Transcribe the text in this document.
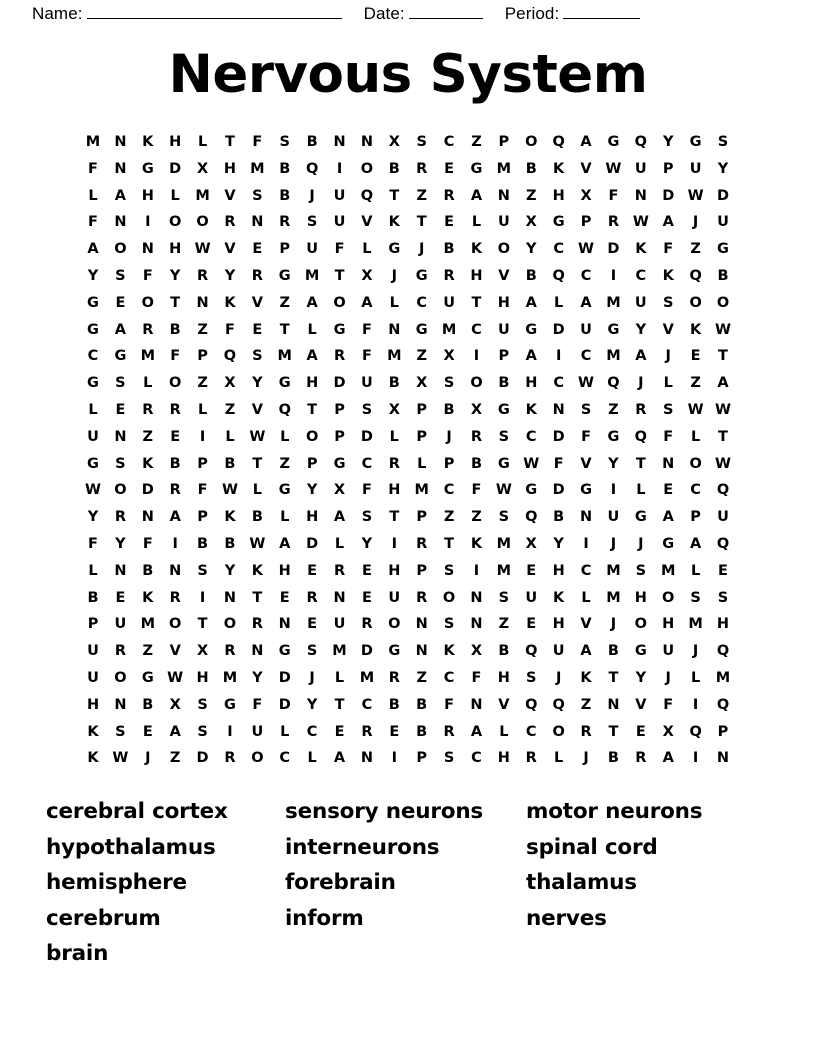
Name:	Date:	Period:
Nervous System
M	N	K	H	L	T	F	S	B	N	N	X	S	C	Z	P	O	Q	A	G	Q	Y	G	S
F	N	G	D	X	H	M	B	Q	I	O	B	R	E	G	M	B	K	V	W	U	P	U	Y
L	A	H	L	M	V	S	B	J	U	Q	T	Z	R	A	N	Z	H	X	F	N	D	W	D
F	N	I	O	O	R	N	R	S	U	V	K	T	E	L	U	X	G	P	R	W	A	J	U
A	O	N	H	W	V	E	P	U	F	L	G	J	B	K	O	Y	C	W	D	K	F	Z	G
Y	S	F	Y	R	Y	R	G	M	T	X	J	G	R	H	V	B	Q	C	I	C	K	Q	B
G	E	O	T	N	K	V	Z	A	O	A	L	C	U	T	H	A	L	A	M	U	S	O	O
G	A	R	B	Z	F	E	T	L	G	F	N	G	M	C	U	G	D	U	G	Y	V	K	W
C	G	M	F	P	Q	S	M	A	R	F	M	Z	X	I	P	A	I	C	M	A	J	E	T
G	S	L	O	Z	X	Y	G	H	D	U	B	X	S	O	B	H	C	W	Q	J	L	Z	A
L	E	R	R	L	Z	V	Q	T	P	S	X	P	B	X	G	K	N	S	Z	R	S	W	W
U	N	Z	E	I	L	W	L	O	P	D	L	P	J	R	S	C	D	F	G	Q	F	L	T
G	S	K	B	P	B	T	Z	P	G	C	R	L	P	B	G	W	F	V	Y	T	N	O	W
W	O	D	R	F	W	L	G	Y	X	F	H	M	C	F	W	G	D	G	I	L	E	C	Q
Y	R	N	A	P	K	B	L	H	A	S	T	P	Z	Z	S	Q	B	N	U	G	A	P	U
F	Y	F	I	B	B	W	A	D	L	Y	I	R	T	K	M	X	Y	I	J	J	G	A	Q
L	N	B	N	S	Y	K	H	E	R	E	H	P	S	I	M	E	H	C	M	S	M	L	E
B	E	K	R	I	N	T	E	R	N	E	U	R	O	N	S	U	K	L	M	H	O	S	S
P	U	M	O	T	O	R	N	E	U	R	O	N	S	N	Z	E	H	V	J	O	H	M	H
U	R	Z	V	X	R	N	G	S	M	D	G	N	K	X	B	Q	U	A	B	G	U	J	Q
U	O	G	W	H	M	Y	D	J	L	M	R	Z	C	F	H	S	J	K	T	Y	J	L	M
H	N	B	X	S	G	F	D	Y	T	C	B	B	F	N	V	Q	Q	Z	N	V	F	I	Q
K	S	E	A	S	I	U	L	C	E	R	E	B	R	A	L	C	O	R	T	E	X	Q	P
K	W	J	Z	D	R	O	C	L	A	N	I	P	S	C	H	R	L	J	B	R	A	I	N
cerebral cortex
hypothalamus
hemisphere
cerebrum
brain
sensory neurons
interneurons
forebrain
inform
motor neurons
spinal cord
thalamus
nerves
